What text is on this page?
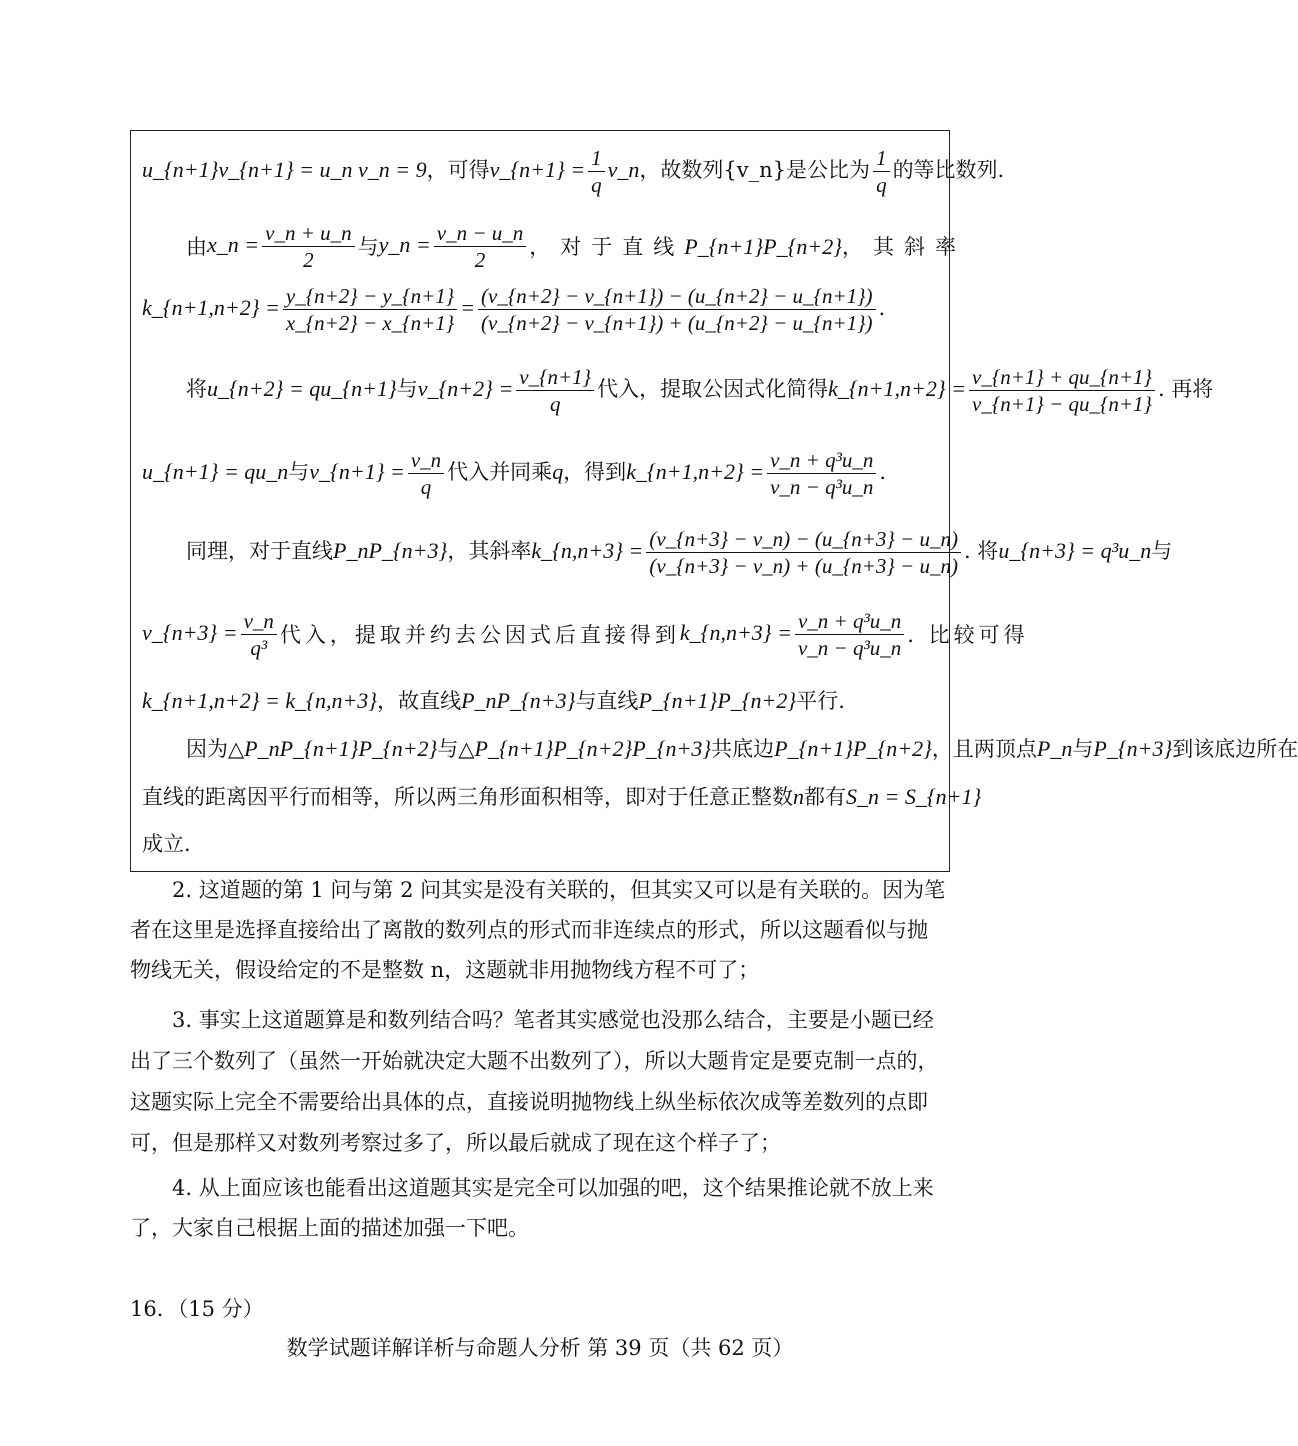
u_{n+1}v_{n+1} = u_n v_n = 9，可得v_{n+1} = $\frac{1}{q}$ v_n，故数列{v_n}是公比为 $\frac{1}{q}$ 的等比数列.
由 x_n = $\frac{v\_n + u\_n}{2}$ 与 y_n = $\frac{v\_n - u\_n}{2}$ ，对于直线 P_{n+1}P_{n+2} ，其斜率
k_{n+1,n+2} = $\frac{y\_\{n+2\} - y\_\{n+1\}}{x\_\{n+2\} - x\_\{n+1\}} = \frac{(v\_\{n+2\} - v\_\{n+1\}) - (u\_\{n+2\} - u\_\{n+1\})}{(v\_\{n+2\} - v\_\{n+1\}) + (u\_\{n+2\} - u\_\{n+1\})}$ .
将u_{n+2} = qu_{n+1}与v_{n+2} = $\frac{v\_\{n+1\}}{q}$ 代入，提取公因式化简得k_{n+1,n+2} = $\frac{v\_\{n+1\} + qu\_\{n+1\}}{v\_\{n+1\} - qu\_\{n+1\}}$ . 再将
u_{n+1} = qu_n与v_{n+1} = $\frac{v\_n}{q}$ 代入并同乘q，得到k_{n+1,n+2} = $\frac{\text{v\_n + q³u\_n}}{\text{v\_n − q³u\_n}}$ .
同理，对于直线P_nP_{n+3}，其斜率k_{n,n+3} = $\frac{(v\_\{n+3\} - v\_n) - (u\_\{n+3\} - u\_n)}{(v\_\{n+3\} - v\_n) + (u\_\{n+3\} - u\_n)}$ . 将u_{n+3} = q³u_n与
v_{n+3} = $\frac{v\_n}{\text{q³}}$ 代入，提取并约去公因式后直接得到 k_{n,n+3} = $\frac{\text{v\_n + q³u\_n}}{\text{v\_n − q³u\_n}}$ . 比较可得
k_{n+1,n+2} = k_{n,n+3}，故直线P_nP_{n+3}与直线P_{n+1}P_{n+2}平行.
因为△P_nP_{n+1}P_{n+2}与△P_{n+1}P_{n+2}P_{n+3}共底边P_{n+1}P_{n+2}，且两顶点P_n与P_{n+3}到该底边所在
直线的距离因平行而相等，所以两三角形面积相等，即对于任意正整数n都有S_n = S_{n+1}
成立.
2. 这道题的第 1 问与第 2 问其实是没有关联的，但其实又可以是有关联的。因为笔
者在这里是选择直接给出了离散的数列点的形式而非连续点的形式，所以这题看似与抛
物线无关，假设给定的不是整数 n，这题就非用抛物线方程不可了；
3. 事实上这道题算是和数列结合吗？笔者其实感觉也没那么结合，主要是小题已经
出了三个数列了（虽然一开始就决定大题不出数列了），所以大题肯定是要克制一点的，
这题实际上完全不需要给出具体的点，直接说明抛物线上纵坐标依次成等差数列的点即
可，但是那样又对数列考察过多了，所以最后就成了现在这个样子了；
4. 从上面应该也能看出这道题其实是完全可以加强的吧，这个结果推论就不放上来
了，大家自己根据上面的描述加强一下吧。
16．（15 分）
数学试题详解详析与命题人分析 第 39 页（共 62 页）
